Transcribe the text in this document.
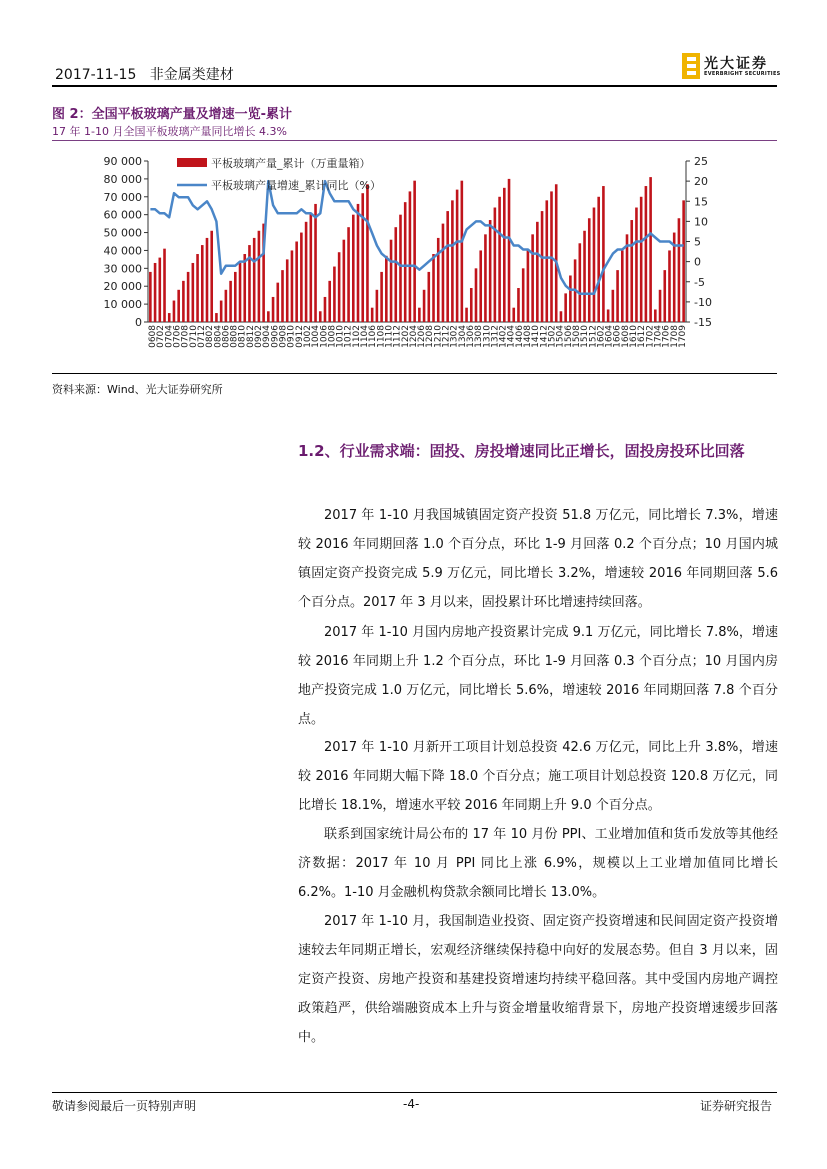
2017-11-15 非金属类建材
光大证券
EVERBRIGHT SECURITIES
图 2：全国平板玻璃产量及增速一览-累计
17 年 1-10 月全国平板玻璃产量同比增长 4.3%
0
10 000
20 000
30 000
40 000
50 000
60 000
70 000
80 000
90 000
-15
-10
-5
0
5
10
15
20
25
0608
0702
0704
0706
0708
0710
0712
0802
0804
0806
0808
0810
0812
0902
0904
0906
0908
0910
0912
1002
1004
1006
1008
1010
1012
1102
1104
1106
1108
1110
1112
1202
1204
1206
1208
1210
1212
1302
1304
1306
1308
1310
1312
1402
1404
1406
1408
1410
1412
1502
1504
1506
1508
1510
1512
1602
1604
1606
1608
1610
1612
1702
1704
1706
1708
1709
平板玻璃产量_累计（万重量箱）
平板玻璃产量增速_累计同比（%）
资料来源：Wind、光大证券研究所
1.2、行业需求端：固投、房投增速同比正增长，固投房投环比回落
2017 年 1-10 月我国城镇固定资产投资 51.8 万亿元，同比增长 7.3%，增速较 2016 年同期回落 1.0 个百分点，环比 1-9 月回落 0.2 个百分点；10 月国内城镇固定资产投资完成 5.9 万亿元，同比增长 3.2%，增速较 2016 年同期回落 5.6 个百分点。2017 年 3 月以来，固投累计环比增速持续回落。
2017 年 1-10 月国内房地产投资累计完成 9.1 万亿元，同比增长 7.8%，增速较 2016 年同期上升 1.2 个百分点，环比 1-9 月回落 0.3 个百分点；10 月国内房地产投资完成 1.0 万亿元，同比增长 5.6%，增速较 2016 年同期回落 7.8 个百分点。
2017 年 1-10 月新开工项目计划总投资 42.6 万亿元，同比上升 3.8%，增速较 2016 年同期大幅下降 18.0 个百分点；施工项目计划总投资 120.8 万亿元，同比增长 18.1%，增速水平较 2016 年同期上升 9.0 个百分点。
联系到国家统计局公布的 17 年 10 月份 PPI、工业增加值和货币发放等其他经济数据：2017 年 10 月 PPI 同比上涨 6.9%，规模以上工业增加值同比增长 6.2%。1-10 月金融机构贷款余额同比增长 13.0%。
2017 年 1-10 月，我国制造业投资、固定资产投资增速和民间固定资产投资增速较去年同期正增长，宏观经济继续保持稳中向好的发展态势。但自 3 月以来，固定资产投资、房地产投资和基建投资增速均持续平稳回落。其中受国内房地产调控政策趋严，供给端融资成本上升与资金增量收缩背景下，房地产投资增速缓步回落中。
敬请参阅最后一页特别声明	-4-	证券研究报告
